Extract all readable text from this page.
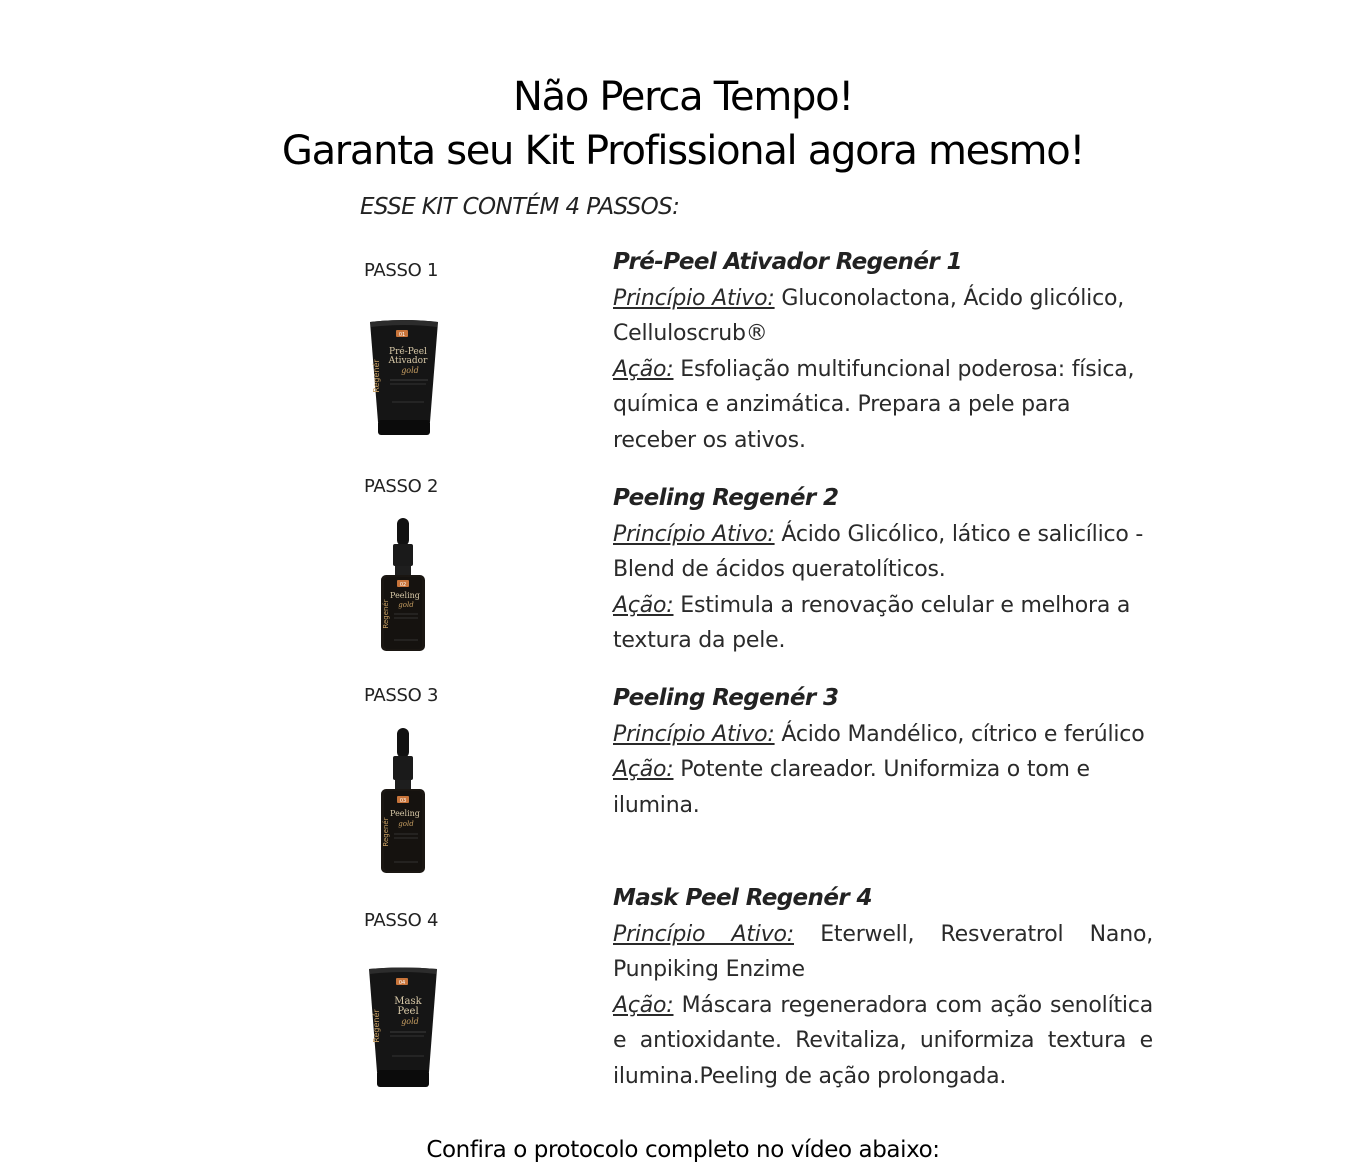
Não Perca Tempo!
Garanta seu Kit Profissional agora mesmo!
ESSE KIT CONTÉM 4 PASSOS:

PASSO 1

01
Regenér
Pré-Peel
Ativador
gold

Pré-Peel Ativador Regenér 1
Princípio Ativo: Gluconolactona, Ácido glicólico, Celluloscrub®
Ação: Esfoliação multifuncional poderosa: física, química e anzimática. Prepara a pele para receber os ativos.

PASSO 2

02
Regenér
Peeling
gold

Peeling Regenér 2
Princípio Ativo: Ácido Glicólico, lático e salicílico - Blend de ácidos queratolíticos.
Ação: Estimula a renovação celular e melhora a textura da pele.

PASSO 3

03
Regenér
Peeling
gold

Peeling Regenér 3
Princípio Ativo: Ácido Mandélico, cítrico e ferúlico
Ação: Potente clareador. Uniformiza o tom e ilumina.

PASSO 4

04
Regenér
Mask
Peel
gold

Mask Peel Regenér 4
Princípio Ativo: Eterwell, Resveratrol Nano, Punpiking Enzime
Ação: Máscara regeneradora com ação senolítica e antioxidante. Revitaliza, uniformiza textura e ilumina.Peeling de ação prolongada.

Confira o protocolo completo no vídeo abaixo:
